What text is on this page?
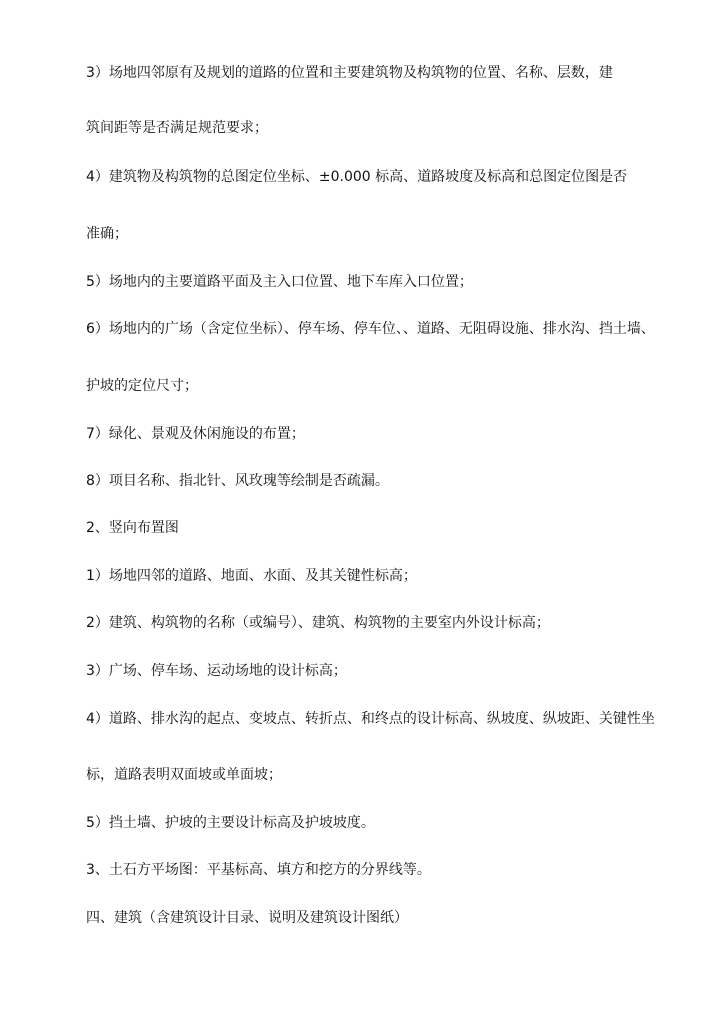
3）场地四邻原有及规划的道路的位置和主要建筑物及构筑物的位置、名称、层数，建
筑间距等是否满足规范要求；
4）建筑物及构筑物的总图定位坐标、±0.000 标高、道路坡度及标高和总图定位图是否
准确；
5）场地内的主要道路平面及主入口位置、地下车库入口位置；
6）场地内的广场（含定位坐标）、停车场、停车位、、道路、无阻碍设施、排水沟、挡土墙、
护坡的定位尺寸；
7）绿化、景观及休闲施设的布置；
8）项目名称、指北针、风玫瑰等绘制是否疏漏。
2、竖向布置图
1）场地四邻的道路、地面、水面、及其关键性标高；
2）建筑、构筑物的名称（或编号）、建筑、构筑物的主要室内外设计标高；
3）广场、停车场、运动场地的设计标高；
4）道路、排水沟的起点、变坡点、转折点、和终点的设计标高、纵坡度、纵坡距、关键性坐
标，道路表明双面坡或单面坡；
5）挡土墙、护坡的主要设计标高及护坡坡度。
3、土石方平场图：平基标高、填方和挖方的分界线等。
四、建筑（含建筑设计目录、说明及建筑设计图纸）
